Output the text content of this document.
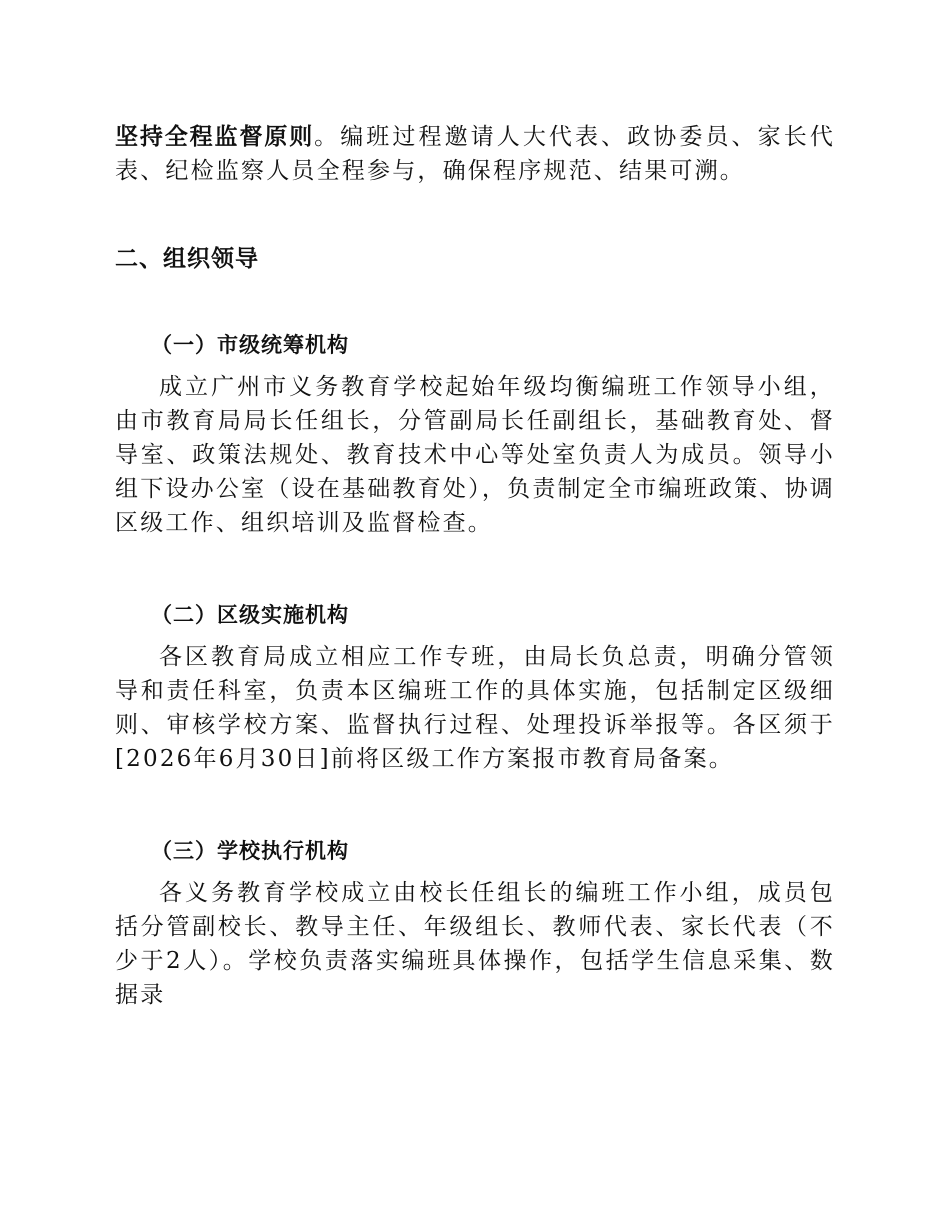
坚持全程监督原则。编班过程邀请人大代表、政协委员、家长代表、纪检监察人员全程参与，确保程序规范、结果可溯。

二、组织领导

（一）市级统筹机构

成立广州市义务教育学校起始年级均衡编班工作领导小组，由市教育局局长任组长，分管副局长任副组长，基础教育处、督导室、政策法规处、教育技术中心等处室负责人为成员。领导小组下设办公室（设在基础教育处），负责制定全市编班政策、协调区级工作、组织培训及监督检查。

（二）区级实施机构

各区教育局成立相应工作专班，由局长负总责，明确分管领导和责任科室，负责本区编班工作的具体实施，包括制定区级细则、审核学校方案、监督执行过程、处理投诉举报等。各区须于[2026年6月30日]前将区级工作方案报市教育局备案。

（三）学校执行机构

各义务教育学校成立由校长任组长的编班工作小组，成员包括分管副校长、教导主任、年级组长、教师代表、家长代表（不少于2人）。学校负责落实编班具体操作，包括学生信息采集、数据录
